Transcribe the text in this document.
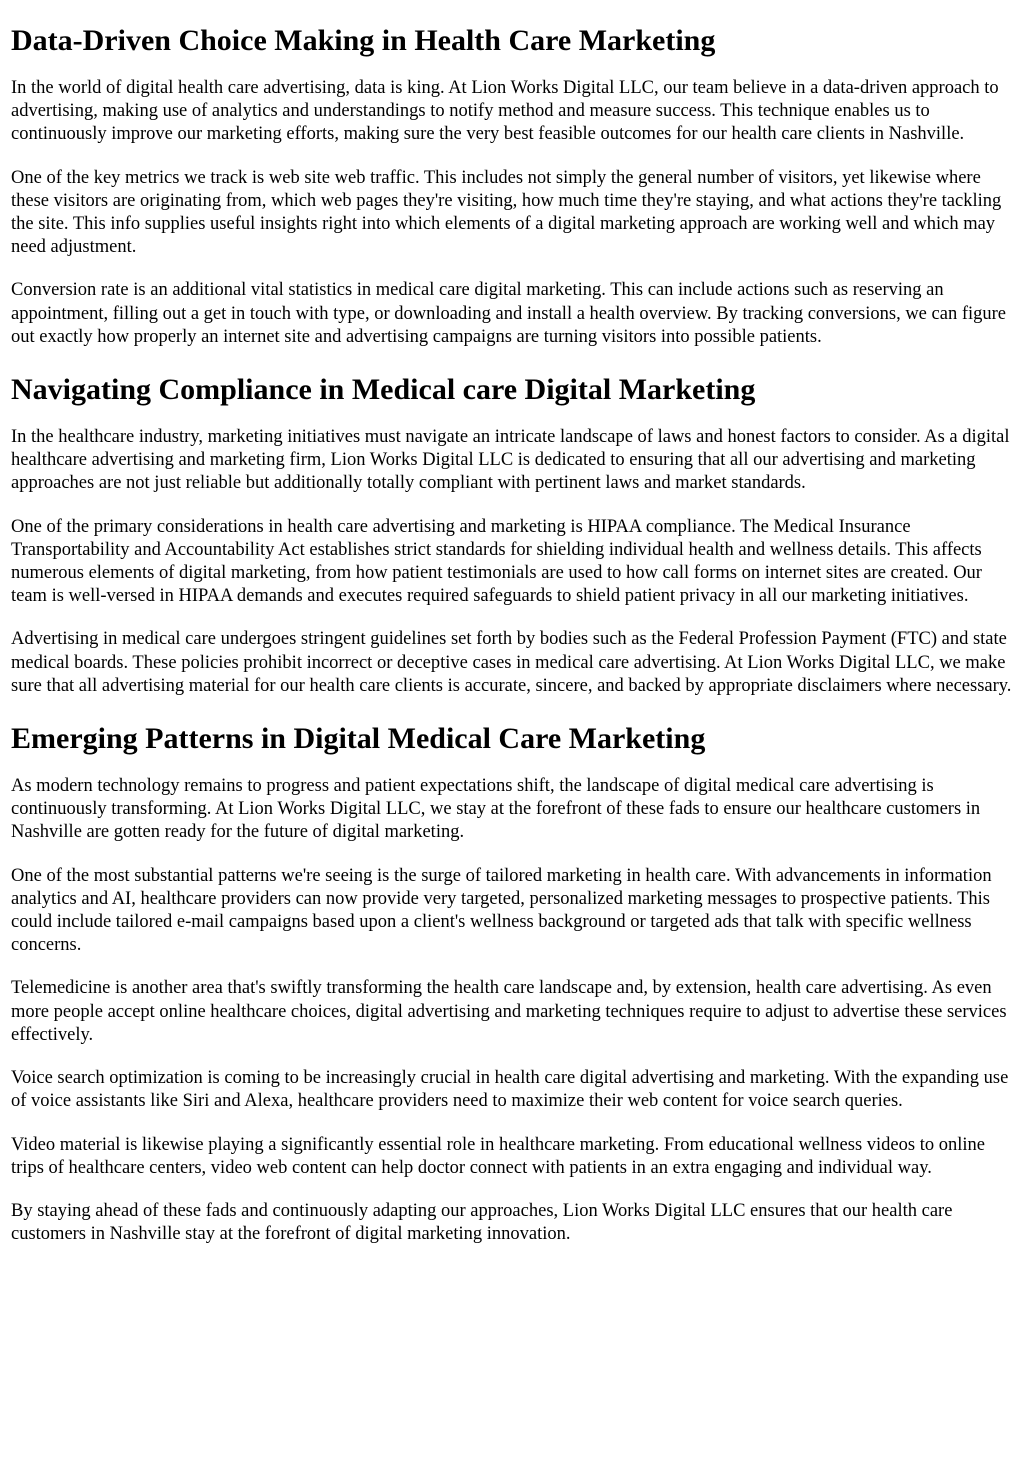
Data-Driven Choice Making in Health Care Marketing

In the world of digital health care advertising, data is king. At Lion Works Digital LLC, our team believe in a data-driven approach to advertising, making use of analytics and understandings to notify method and measure success. This technique enables us to continuously improve our marketing efforts, making sure the very best feasible outcomes for our health care clients in Nashville.

One of the key metrics we track is web site web traffic. This includes not simply the general number of visitors, yet likewise where these visitors are originating from, which web pages they're visiting, how much time they're staying, and what actions they're tackling the site. This info supplies useful insights right into which elements of a digital marketing approach are working well and which may need adjustment.

Conversion rate is an additional vital statistics in medical care digital marketing. This can include actions such as reserving an appointment, filling out a get in touch with type, or downloading and install a health overview. By tracking conversions, we can figure out exactly how properly an internet site and advertising campaigns are turning visitors into possible patients.

Navigating Compliance in Medical care Digital Marketing

In the healthcare industry, marketing initiatives must navigate an intricate landscape of laws and honest factors to consider. As a digital healthcare advertising and marketing firm, Lion Works Digital LLC is dedicated to ensuring that all our advertising and marketing approaches are not just reliable but additionally totally compliant with pertinent laws and market standards.

One of the primary considerations in health care advertising and marketing is HIPAA compliance. The Medical Insurance Transportability and Accountability Act establishes strict standards for shielding individual health and wellness details. This affects numerous elements of digital marketing, from how patient testimonials are used to how call forms on internet sites are created. Our team is well-versed in HIPAA demands and executes required safeguards to shield patient privacy in all our marketing initiatives.

Advertising in medical care undergoes stringent guidelines set forth by bodies such as the Federal Profession Payment (FTC) and state medical boards. These policies prohibit incorrect or deceptive cases in medical care advertising. At Lion Works Digital LLC, we make sure that all advertising material for our health care clients is accurate, sincere, and backed by appropriate disclaimers where necessary.

Emerging Patterns in Digital Medical Care Marketing

As modern technology remains to progress and patient expectations shift, the landscape of digital medical care advertising is continuously transforming. At Lion Works Digital LLC, we stay at the forefront of these fads to ensure our healthcare customers in Nashville are gotten ready for the future of digital marketing.

One of the most substantial patterns we're seeing is the surge of tailored marketing in health care. With advancements in information analytics and AI, healthcare providers can now provide very targeted, personalized marketing messages to prospective patients. This could include tailored e-mail campaigns based upon a client's wellness background or targeted ads that talk with specific wellness concerns.

Telemedicine is another area that's swiftly transforming the health care landscape and, by extension, health care advertising. As even more people accept online healthcare choices, digital advertising and marketing techniques require to adjust to advertise these services effectively.

Voice search optimization is coming to be increasingly crucial in health care digital advertising and marketing. With the expanding use of voice assistants like Siri and Alexa, healthcare providers need to maximize their web content for voice search queries.

Video material is likewise playing a significantly essential role in healthcare marketing. From educational wellness videos to online trips of healthcare centers, video web content can help doctor connect with patients in an extra engaging and individual way.

By staying ahead of these fads and continuously adapting our approaches, Lion Works Digital LLC ensures that our health care customers in Nashville stay at the forefront of digital marketing innovation.
